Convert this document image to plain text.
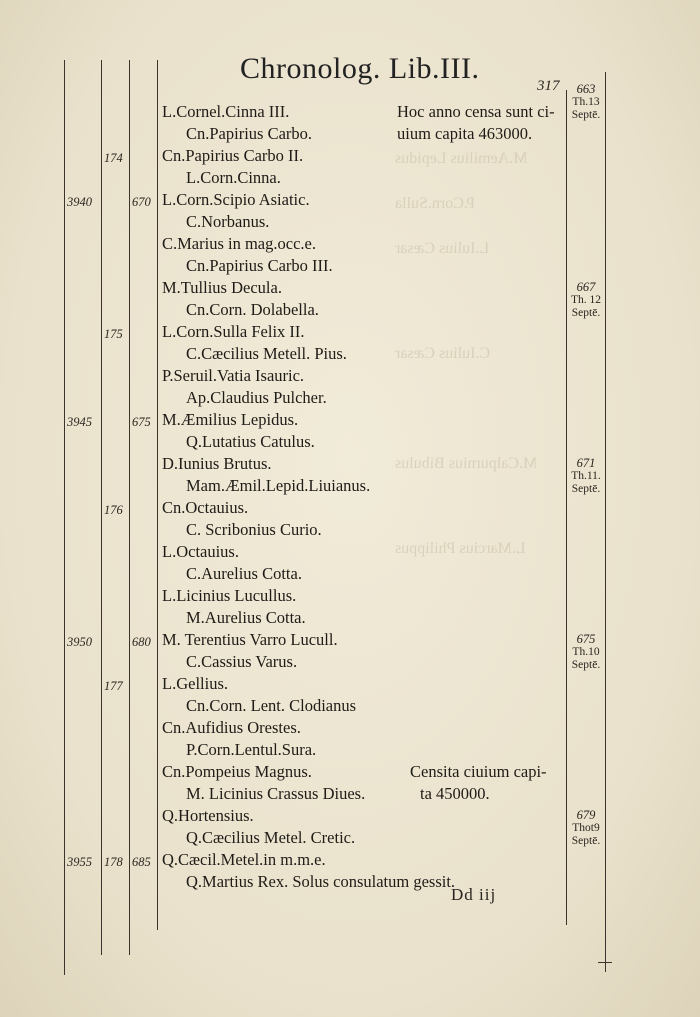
M.Aemilius Lepidus
P.Corn.Sulla
L.Iulius Cæsar
C.Iulius Cæsar
M.Calpurnius Bibulus
L.Marcius Philippus
Chronolog. Lib.III.
317
L.Cornel.Cinna III.
Cn.Papirius Carbo.
Cn.Papirius Carbo II.
L.Corn.Cinna.
L.Corn.Scipio Asiatic.
C.Norbanus.
C.Marius in mag.occ.e.
Cn.Papirius Carbo III.
M.Tullius Decula.
Cn.Corn. Dolabella.
L.Corn.Sulla Felix II.
C.Cæcilius Metell. Pius.
P.Seruil.Vatia Isauric.
Ap.Claudius Pulcher.
M.Æmilius Lepidus.
Q.Lutatius Catulus.
D.Iunius Brutus.
Mam.Æmil.Lepid.Liuianus.
Cn.Octauius.
C. Scribonius Curio.
L.Octauius.
C.Aurelius Cotta.
L.Licinius Lucullus.
M.Aurelius Cotta.
M. Terentius Varro Lucull.
C.Cassius Varus.
L.Gellius.
Cn.Corn. Lent. Clodianus
Cn.Aufidius Orestes.
P.Corn.Lentul.Sura.
Cn.Pompeius Magnus.
M. Licinius Crassus Diues.
Q.Hortensius.
Q.Cæcilius Metel. Cretic.
Q.Cæcil.Metel.in m.m.e.
Q.Martius Rex. Solus consulatum gessit.
Hoc anno censa sunt ci-
uium capita 463000.
Censita ciuium capi-
ta 450000.
3940
3945
3950
3955
174
175
176
177
178
670
675
680
685
663
Th.13
Septē.
667
Th. 12
Septē.
671
Th.11.
Septē.
675
Th.10
Septē.
679
Thot9
Septē.
Dd iij
